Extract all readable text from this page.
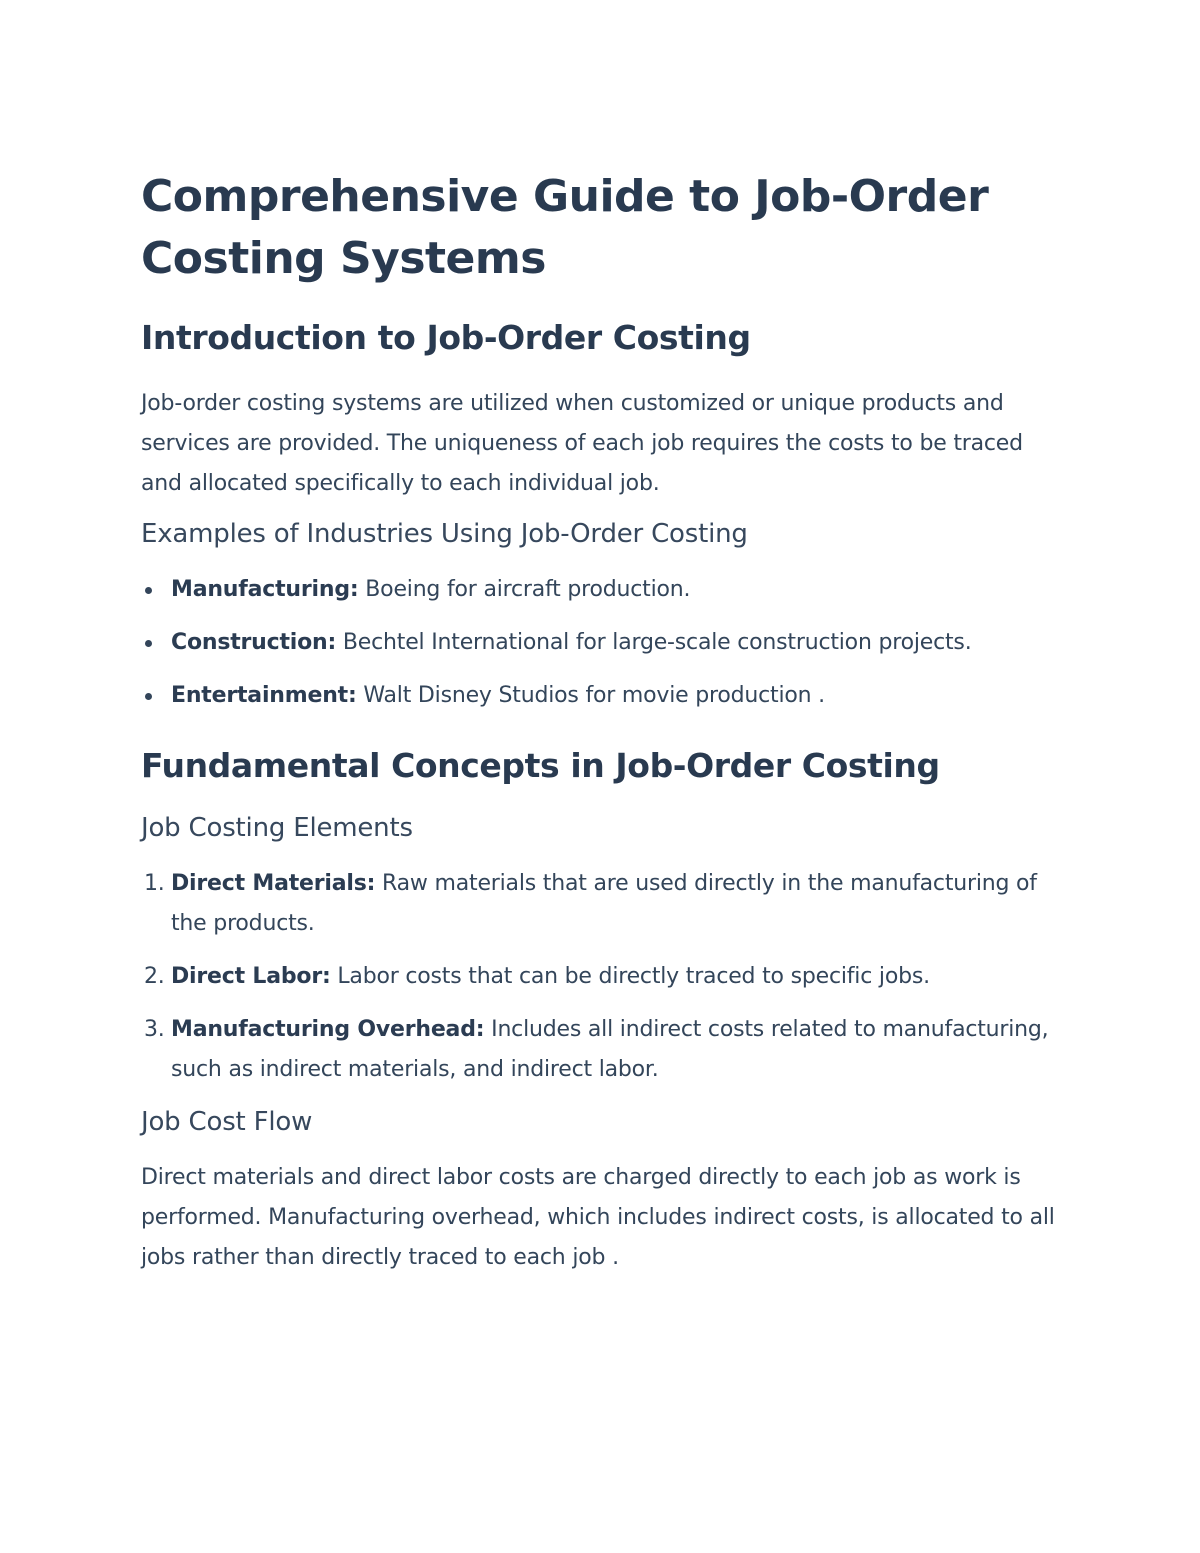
Comprehensive Guide to Job-Order Costing Systems
Introduction to Job-Order Costing

Job-order costing systems are utilized when customized or unique products and services are provided. The uniqueness of each job requires the costs to be traced and allocated specifically to each individual job.

Examples of Industries Using Job-Order Costing
Manufacturing: Boeing for aircraft production.
Construction: Bechtel International for large-scale construction projects.
Entertainment: Walt Disney Studios for movie production .
Fundamental Concepts in Job-Order Costing
Job Costing Elements
1. Direct Materials: Raw materials that are used directly in the manufacturing of the products.
2. Direct Labor: Labor costs that can be directly traced to specific jobs.
3. Manufacturing Overhead: Includes all indirect costs related to manufacturing, such as indirect materials, and indirect labor.
Job Cost Flow

Direct materials and direct labor costs are charged directly to each job as work is performed. Manufacturing overhead, which includes indirect costs, is allocated to all jobs rather than directly traced to each job .
